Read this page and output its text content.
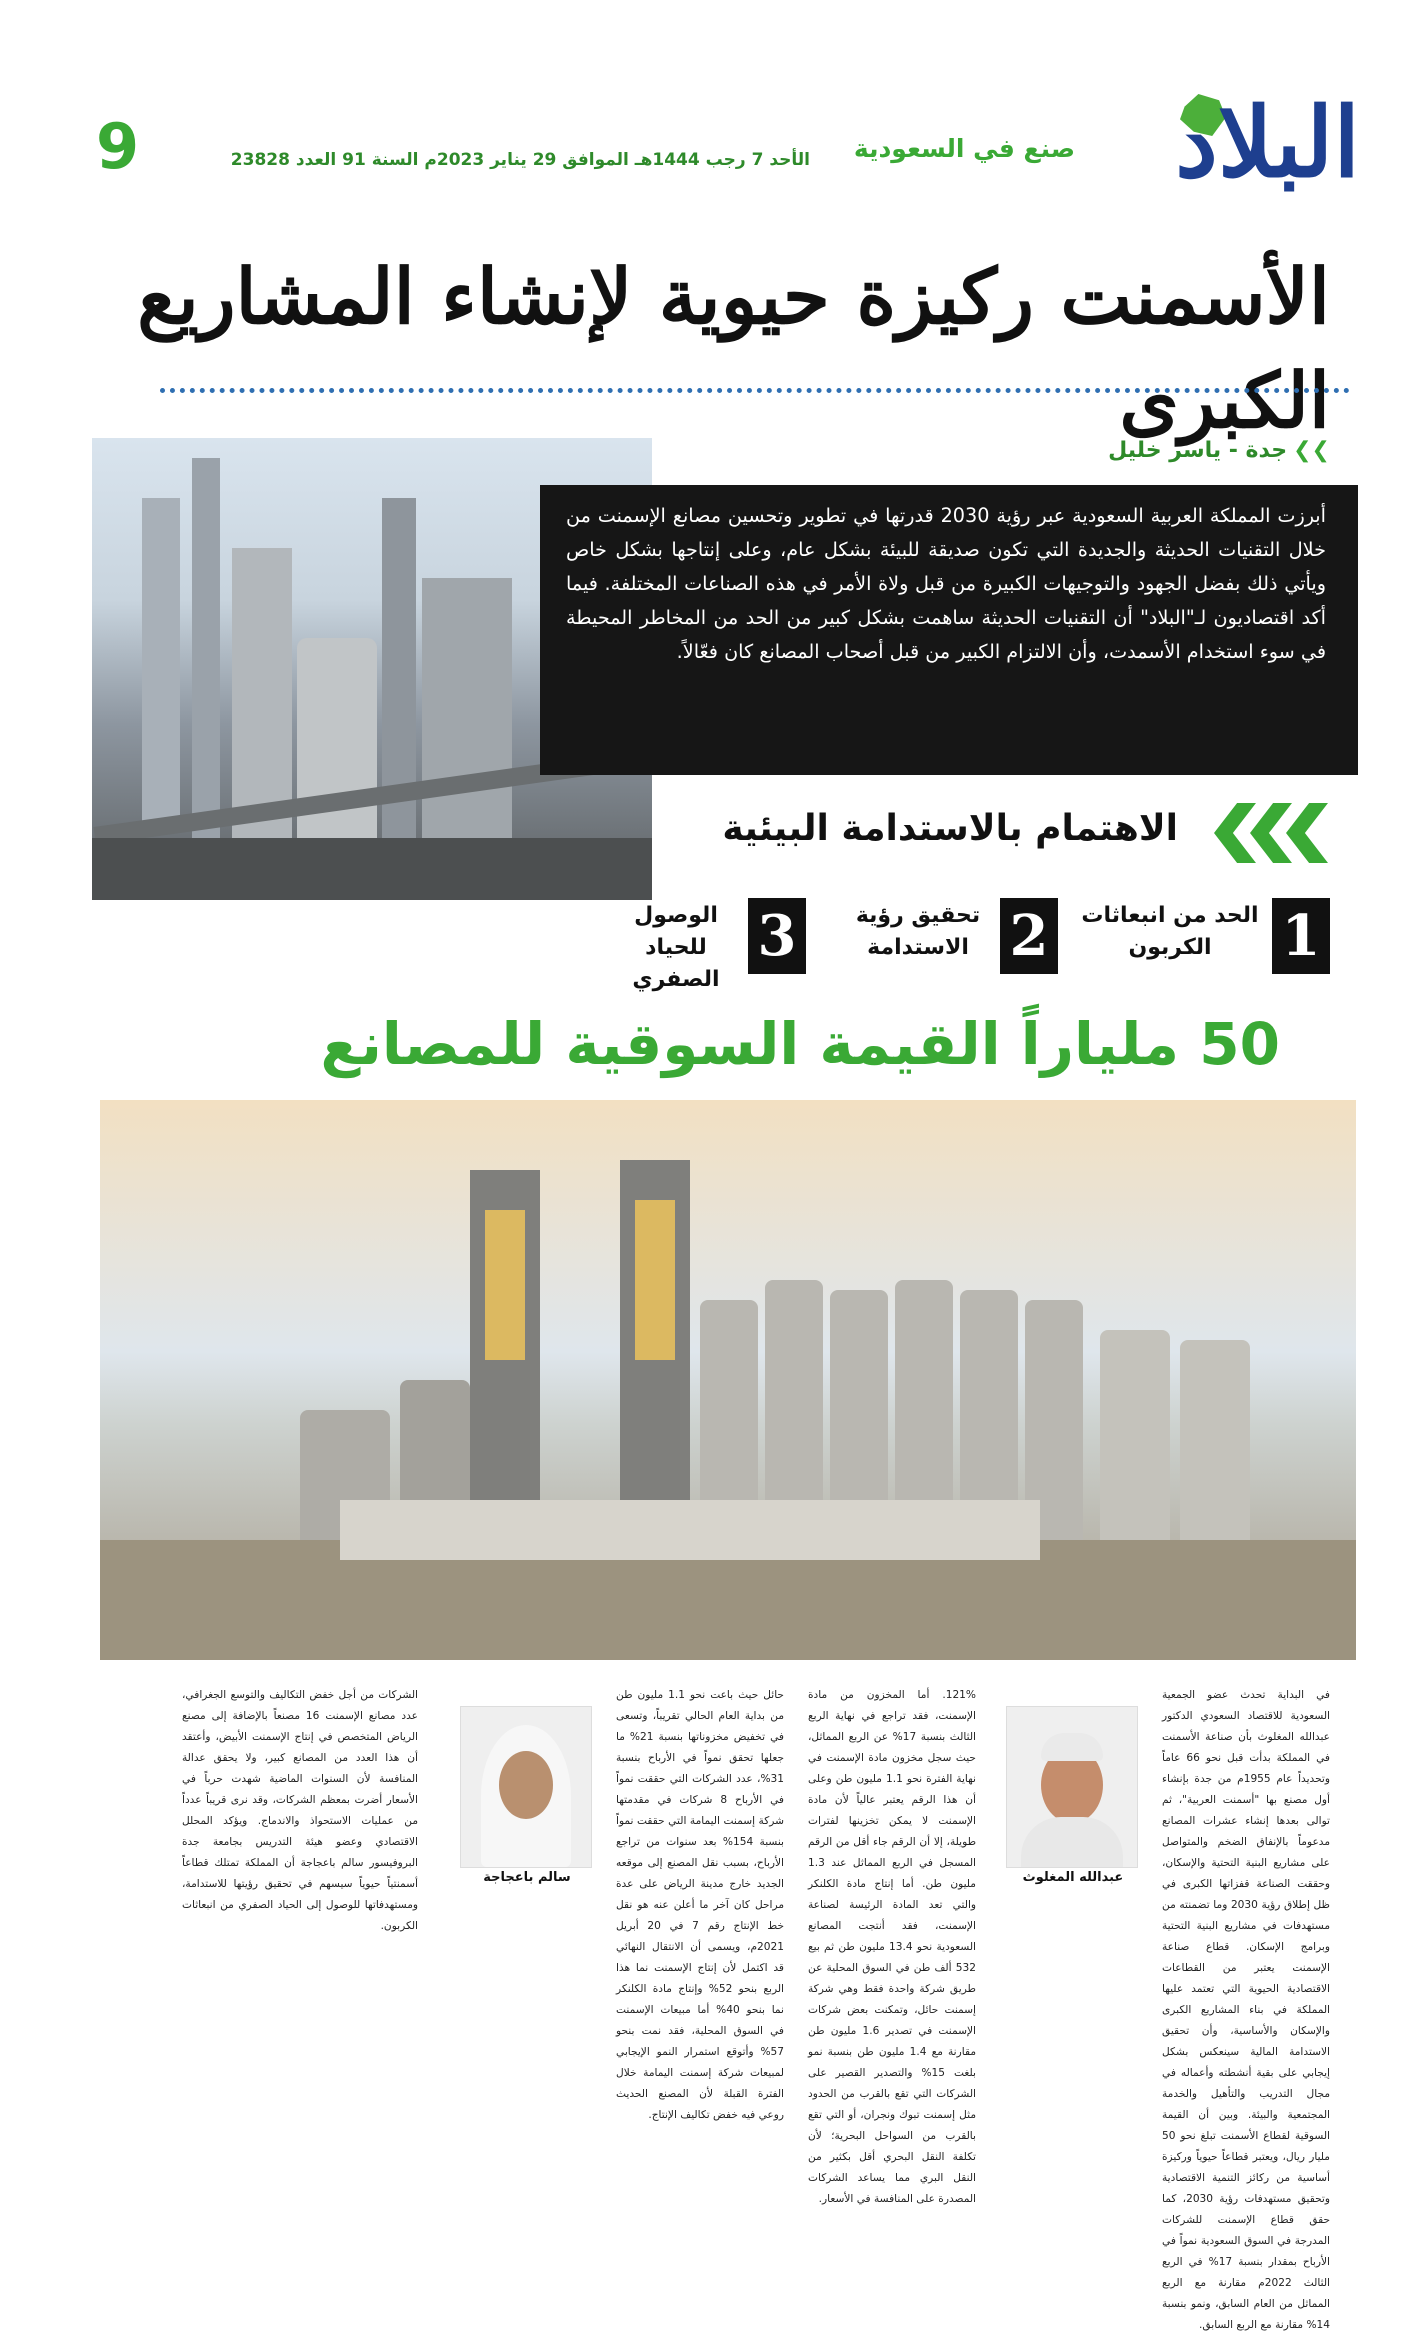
البلاد
صنع في السعودية
الأحد 7 رجب 1444هـ الموافق 29 يناير 2023م السنة 91 العدد 23828
9
الأسمنت ركيزة حيوية لإنشاء المشاريع الكبرى
❯❯جدة - ياسر خليل
أبرزت المملكة العربية السعودية عبر رؤية 2030 قدرتها في تطوير وتحسين مصانع الإسمنت من خلال التقنيات الحديثة والجديدة التي تكون صديقة للبيئة بشكل عام، وعلى إنتاجها بشكل خاص ويأتي ذلك بفضل الجهود والتوجيهات الكبيرة من قبل ولاة الأمر في هذه الصناعات المختلفة. فيما أكد اقتصاديون لـ"البلاد" أن التقنيات الحديثة ساهمت بشكل كبير من الحد من المخاطر المحيطة في سوء استخدام الأسمدت، وأن الالتزام الكبير من قبل أصحاب المصانع كان فعّالاً.
الاهتمام بالاستدامة البيئية
1
الحد من انبعاثات الكربون
2
تحقيق رؤية الاستدامة
3
الوصول للحياد الصفري
50 ملياراً القيمة السوقية للمصانع
في البداية تحدث عضو الجمعية السعودية للاقتصاد السعودي الدكتور عبدالله المغلوث بأن صناعة الأسمنت في المملكة بدأت قبل نحو 66 عاماً وتحديداً عام 1955م من جدة بإنشاء أول مصنع بها "أسمنت العربية"، ثم توالى بعدها إنشاء عشرات المصانع مدعوماً بالإنفاق الضخم والمتواصل على مشاريع البنية التحتية والإسكان، وحققت الصناعة قفزاتها الكبرى في ظل إطلاق رؤية 2030 وما تضمنته من مستهدفات في مشاريع البنية التحتية وبرامج الإسكان. قطاع صناعة الإسمنت يعتبر من القطاعات الاقتصادية الحيوية التي تعتمد عليها المملكة في بناء المشاريع الكبرى والإسكان والأساسية، وأن تحقيق الاستدامة المالية سينعكس بشكل إيجابي على بقية أنشطته وأعماله في مجال التدريب والتأهيل والخدمة المجتمعية والبيئة. وبين أن القيمة السوقية لقطاع الأسمنت تبلغ نحو 50 مليار ريال، ويعتبر قطاعاً حيوياً وركيزة أساسية من ركائز التنمية الاقتصادية وتحقيق مستهدفات رؤية 2030، كما حقق قطاع الإسمنت للشركات المدرجة في السوق السعودية نمواً في الأرباح بمقدار بنسبة 17% في الربع الثالث 2022م مقارنة مع الربع المماثل من العام السابق، ونمو بنسبة 14% مقارنة مع الربع السابق.
عبدالله المغلوث
121%. أما المخزون من مادة الإسمنت، فقد تراجع في نهاية الربع الثالث بنسبة 17% عن الربع المماثل، حيث سجل مخزون مادة الإسمنت في نهاية الفترة نحو 1.1 مليون طن وعلى أن هذا الرقم يعتبر عالياً لأن مادة الإسمنت لا يمكن تخزينها لفترات طويلة، إلا أن الرقم جاء أقل من الرقم المسجل في الربع المماثل عند 1.3 مليون طن. أما إنتاج مادة الكلنكر والتي تعد المادة الرئيسة لصناعة الإسمنت، فقد أنتجت المصانع السعودية نحو 13.4 مليون طن ثم بيع 532 ألف طن في السوق المحلية عن طريق شركة واحدة فقط وهي شركة إسمنت حائل، وتمكنت بعض شركات الإسمنت في تصدير 1.6 مليون طن مقارنة مع 1.4 مليون طن بنسبة نمو بلغت 15% والتصدير القصير على الشركات التي تقع بالقرب من الحدود مثل إسمنت تبوك ونجران، أو التي تقع بالقرب من السواحل البحرية؛ لأن تكلفة النقل البحري أقل بكثير من النقل البري مما يساعد الشركات المصدرة على المنافسة في الأسعار.
حائل حيث باعت نحو 1.1 مليون طن من بداية العام الحالي تقريباً، وتسعى في تخفيض مخزوناتها بنسبة 21% ما جعلها تحقق نمواً في الأرباح بنسبة 31%، عدد الشركات التي حققت نمواً في الأرباح 8 شركات في مقدمتها شركة إسمنت اليمامة التي حققت نمواً بنسبة 154% بعد سنوات من تراجع الأرباح، بسبب نقل المصنع إلى موقعه الجديد خارج مدينة الرياض على عدة مراحل كان آخر ما أعلن عنه هو نقل خط الإنتاج رقم 7 في 20 أبريل 2021م، ويسمى أن الانتقال النهائي قد اكتمل لأن إنتاج الإسمنت نما هذا الربع بنحو 52% وإنتاج مادة الكلنكر نما بنحو 40% أما مبيعات الإسمنت في السوق المحلية، فقد نمت بنحو 57% وأتوقع استمرار النمو الإيجابي لمبيعات شركة إسمنت اليمامة خلال الفترة القبلة لأن المصنع الحديث روعي فيه خفض تكاليف الإنتاج.
سالم باعجاجة
الشركات من أجل خفض التكاليف والتوسع الجغرافي، عدد مصانع الإسمنت 16 مصنعاً بالإضافة إلى مصنع الرياض المتخصص في إنتاج الإسمنت الأبيض، وأعتقد أن هذا العدد من المصانع كبير، ولا يحقق عدالة المنافسة لأن السنوات الماضية شهدت حرباً في الأسعار أضرت بمعظم الشركات، وقد نرى قريباً عدداً من عمليات الاستحواذ والاندماج. ويؤكد المحلل الاقتصادي وعضو هيئة التدريس بجامعة جدة البروفيسور سالم باعجاجة أن المملكة تمتلك قطاعاً أسمنتياً حيوياً سيسهم في تحقيق رؤيتها للاستدامة، ومستهدفاتها للوصول إلى الحياد الصفري من انبعاثات الكربون.
